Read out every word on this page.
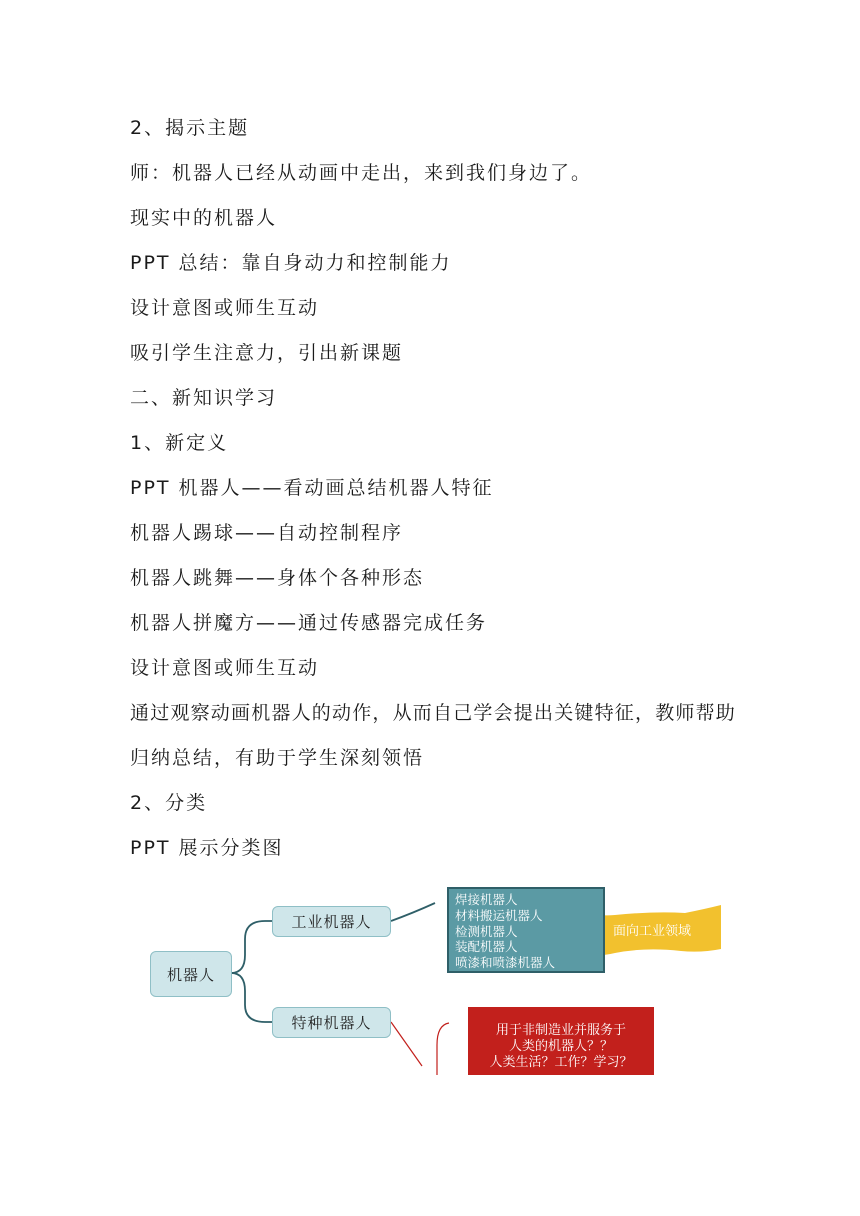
2、揭示主题
师：机器人已经从动画中走出，来到我们身边了。
现实中的机器人
PPT 总结：靠自身动力和控制能力
设计意图或师生互动
吸引学生注意力，引出新课题
二、新知识学习
1、新定义
PPT 机器人——看动画总结机器人特征
机器人踢球——自动控制程序
机器人跳舞——身体个各种形态
机器人拼魔方——通过传感器完成任务
设计意图或师生互动
通过观察动画机器人的动作，从而自己学会提出关键特征，教师帮助
归纳总结，有助于学生深刻领悟
2、分类
PPT 展示分类图
机器人
工业机器人
特种机器人
焊接机器人
材料搬运机器人
检测机器人
装配机器人
喷漆和喷漆机器人
面向工业领域
用于非制造业并服务于
人类的机器人？？
人类生活？工作？学习？
